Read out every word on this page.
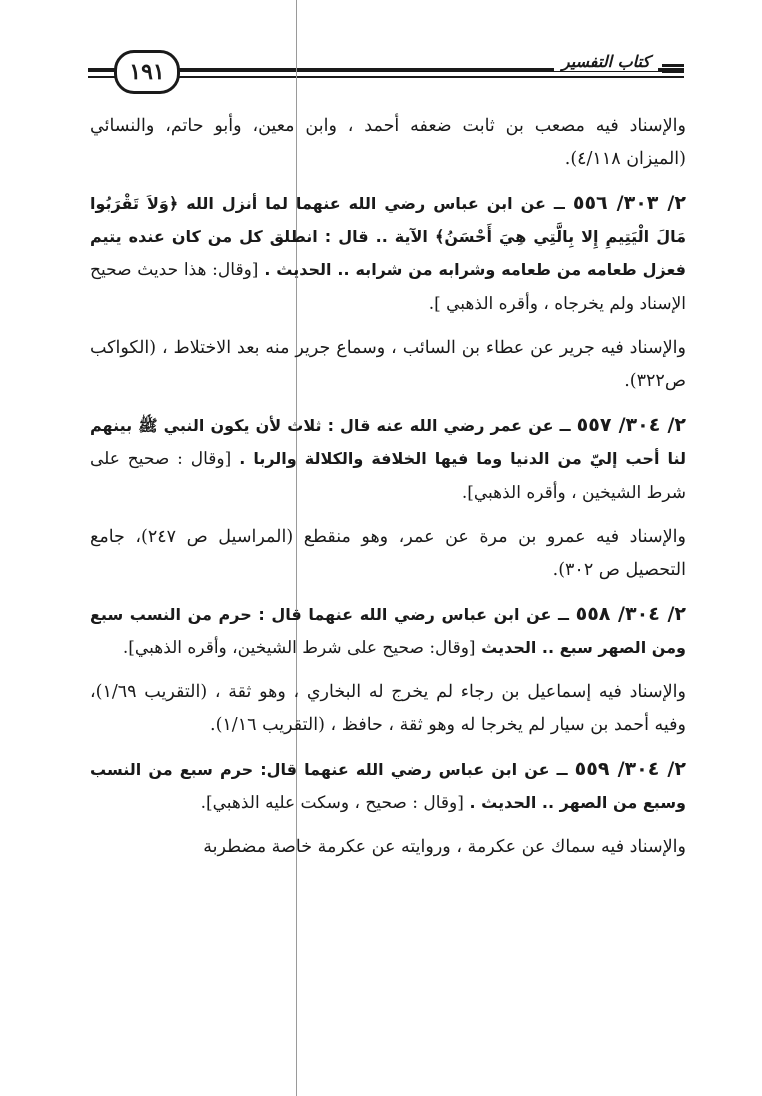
١٩١	كتاب التفسير

والإسناد فيه مصعب بن ثابت ضعفه أحمد ، وابن معين، وأبو حاتم، والنسائي (الميزان ٤/١١٨).

٢/ ٣٠٣/ ٥٥٦ ــ عن ابن عباس رضي الله عنهما لما أنزل الله ﴿وَلاَ تَقْرَبُوا مَالَ الْيَتِيمِ إِلا بِالَّتِي هِيَ أَحْسَنُ﴾ الآية .. قال : انطلق كل من كان عنده يتيم فعزل طعامه من طعامه وشرابه من شرابه .. الحديث . [وقال: هذا حديث صحيح الإسناد ولم يخرجاه ، وأقره الذهبي ].

والإسناد فيه جرير عن عطاء بن السائب ، وسماع جرير منه بعد الاختلاط ، (الكواكب ص٣٢٢).

٢/ ٣٠٤/ ٥٥٧ ــ عن عمر رضي الله عنه قال : ثلاث لأن يكون النبي ﷺ بينهم لنا أحب إليّ من الدنيا وما فيها الخلافة والكلالة والربا . [وقال : صحيح على شرط الشيخين ، وأقره الذهبي].

والإسناد فيه عمرو بن مرة عن عمر، وهو منقطع (المراسيل ص ٢٤٧)، جامع التحصيل ص ٣٠٢).

٢/ ٣٠٤/ ٥٥٨ ــ عن ابن عباس رضي الله عنهما قال : حرم من النسب سبع ومن الصهر سبع .. الحديث [وقال: صحيح على شرط الشيخين، وأقره الذهبي].

والإسناد فيه إسماعيل بن رجاء لم يخرج له البخاري ، وهو ثقة ، (التقريب ١/٦٩)، وفيه أحمد بن سيار لم يخرجا له وهو ثقة ، حافظ ، (التقريب ١/١٦).

٢/ ٣٠٤/ ٥٥٩ ــ عن ابن عباس رضي الله عنهما قال: حرم سبع من النسب وسبع من الصهر .. الحديث . [وقال : صحيح ، وسكت عليه الذهبي].

والإسناد فيه سماك عن عكرمة ، وروايته عن عكرمة خاصة مضطربة
